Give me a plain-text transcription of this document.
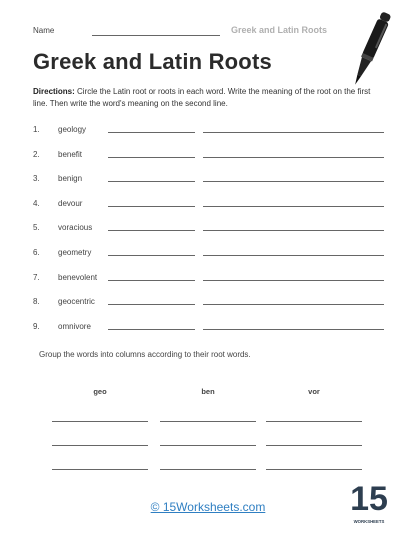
Name	Greek and Latin Roots
Greek and Latin Roots
Directions: Circle the Latin root or roots in each word. Write the meaning of the root on the first line. Then write the word's meaning on the second line.
1.	geology
2.	benefit
3.	benign
4.	devour
5.	voracious
6.	geometry
7.	benevolent
8.	geocentric
9.	omnivore
Group the words into columns according to their root words.
geo	ben	vor
© 15Worksheets.com	15
WORKSHEETS
